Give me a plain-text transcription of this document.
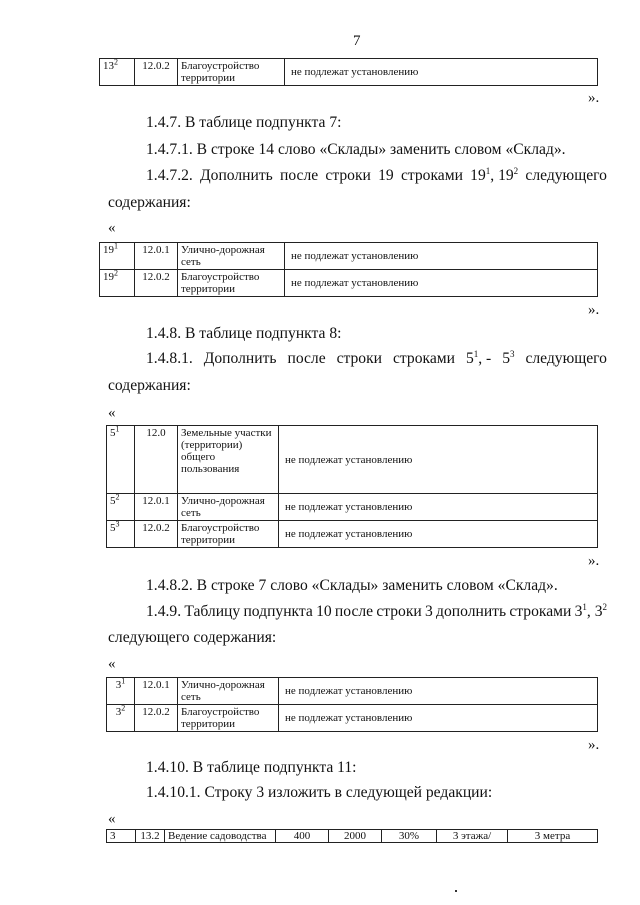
7
$13^2$	12.0.2	Благоустройство территории	не подлежат установлению
».
1.4.7. В таблице подпункта 7:
1.4.7.1. В строке 14 слово «Склады» заменить словом «Склад».
1.4.7.2. Дополнить после строки 19 строками $19^1$, $19^2$ следующего
содержания:
«
$19^1$	12.0.1	Улично-дорожная сеть	не подлежат установлению
$19^2$	12.0.2	Благоустройство территории	не подлежат установлению
».
1.4.8. В таблице подпункта 8:
1.4.8.1. Дополнить после строки строками $5^1$, - $5^3$ следующего
содержания:
«
$5^1$	12.0	Земельные участки (территории) общего пользования	не подлежат установлению
$5^2$	12.0.1	Улично-дорожная сеть	не подлежат установлению
$5^3$	12.0.2	Благоустройство территории	не подлежат установлению
».
1.4.8.2. В строке 7 слово «Склады» заменить словом «Склад».
1.4.9. Таблицу подпункта 10 после строки 3 дополнить строками $3^1$, $3^2$
следующего содержания:
«
$3^1$	12.0.1	Улично-дорожная сеть	не подлежат установлению
$3^2$	12.0.2	Благоустройство территории	не подлежат установлению
».
1.4.10. В таблице подпункта 11:
1.4.10.1. Строку 3 изложить в следующей редакции:
«
3	13.2	Ведение садоводства	400	2000	30%	3 этажа/	3 метра
